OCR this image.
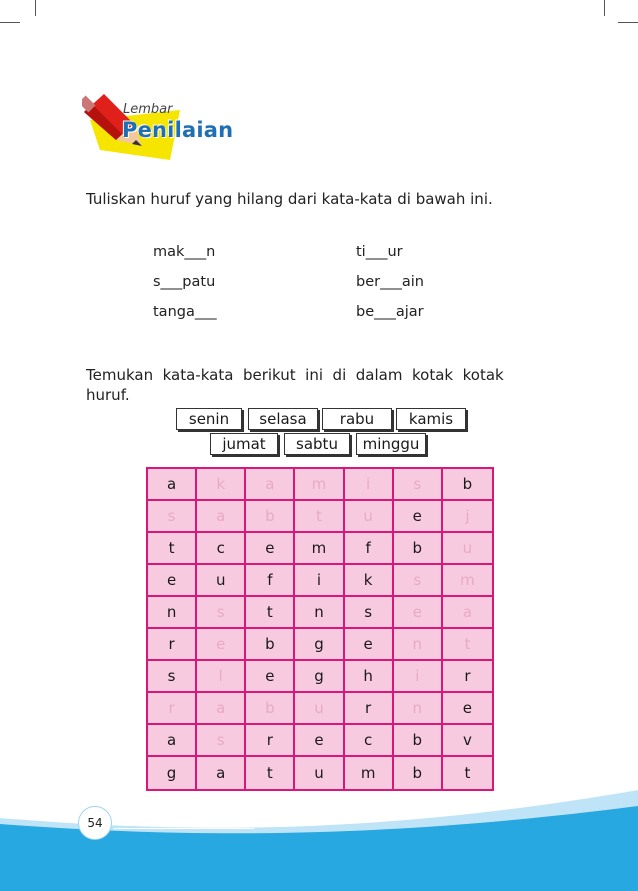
Lembar
Penilaian
Tuliskan huruf yang hilang dari kata-kata di bawah ini.
mak___n
s___patu
tanga___
ti___ur
ber___ain
be___ajar
Temukan  kata-kata  berikut  ini  di  dalam  kotak  kotak
huruf.
senin	selasa	rabu	kamis
jumat	sabtu	minggu
a	k	a	m	i	s	b
s	a	b	t	u	e	j
t	c	e	m	f	b	u
e	u	f	i	k	s	m
n	s	t	n	s	e	a
r	e	b	g	e	n	t
s	l	e	g	h	i	r
r	a	b	u	r	n	e
a	s	r	e	c	b	v
g	a	t	u	m	b	t
54	Buku Siswa Kelas 1 SD/MI
